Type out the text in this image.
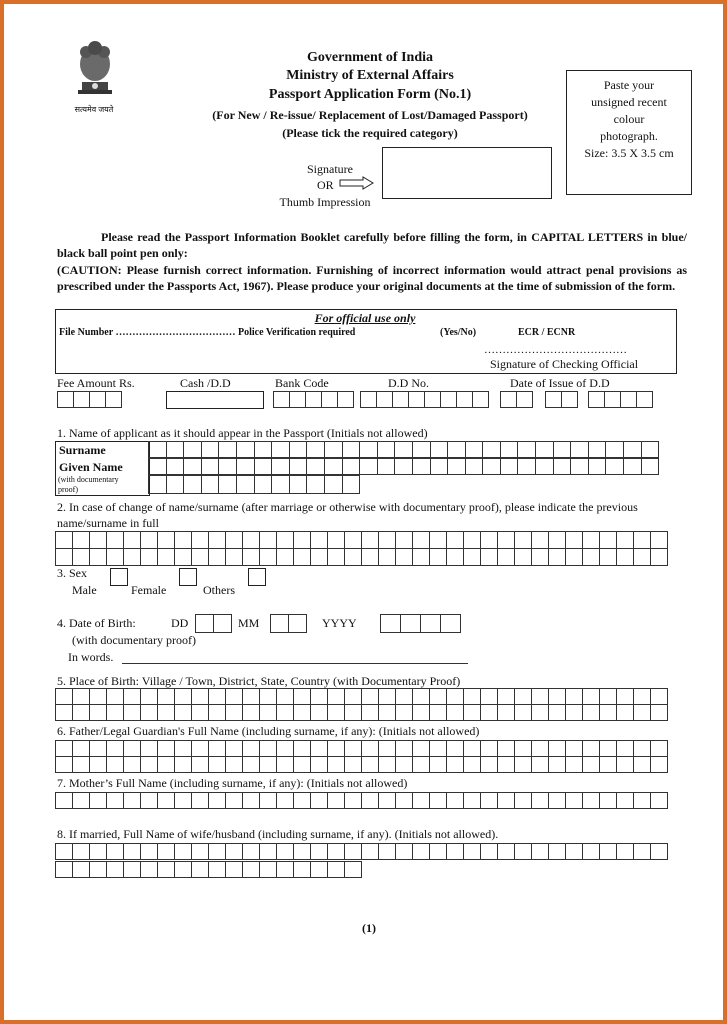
सत्यमेव जयते
Government of India
Ministry of External Affairs
Passport Application Form (No.1)
(For New / Re-issue/ Replacement of Lost/Damaged Passport)
(Please tick the required category)
Paste your
unsigned recent
colour
photograph.
Size: 3.5 X 3.5 cm
Signature
OR
Thumb Impression
Please read the Passport Information Booklet carefully before filling the form, in CAPITAL LETTERS in blue/ black ball point pen only:
(CAUTION: Please furnish correct information. Furnishing of incorrect information would attract penal provisions as prescribed under the Passports Act, 1967). Please produce your original documents at the time of submission of the form.
For official use only
File Number ……………………………… Police Verification required	(Yes/No)	ECR / ECNR
…………………………………
Signature of Checking Official
Fee Amount Rs.	Cash /D.D	Bank Code	D.D No.	Date of Issue of D.D
1. Name of applicant as it should appear in the Passport (Initials not allowed)
Surname
Given Name
(with documentary proof)
2. In case of change of name/surname (after marriage or otherwise with documentary proof), please indicate the previous name/surname in full
3. Sex
Male	Female	Others
4. Date of Birth:	DD	MM	YYYY
(with documentary proof)
In words.
5. Place of Birth: Village / Town, District, State, Country (with Documentary Proof)
6. Father/Legal Guardian's Full Name (including surname, if any): (Initials not allowed)
7. Mother’s Full Name (including surname, if any): (Initials not allowed)
8. If married, Full Name of wife/husband (including surname, if any). (Initials not allowed).
(1)
